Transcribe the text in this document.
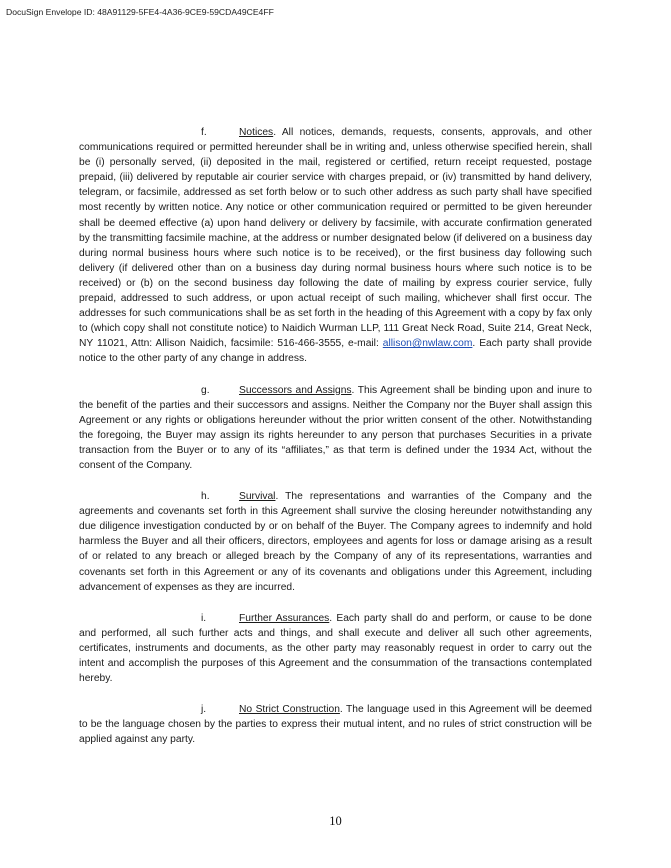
DocuSign Envelope ID: 48A91129-5FE4-4A36-9CE9-59CDA49CE4FF

f.	Notices. All notices, demands, requests, consents, approvals, and other communications required or permitted hereunder shall be in writing and, unless otherwise specified herein, shall be (i) personally served, (ii) deposited in the mail, registered or certified, return receipt requested, postage prepaid, (iii) delivered by reputable air courier service with charges prepaid, or (iv) transmitted by hand delivery, telegram, or facsimile, addressed as set forth below or to such other address as such party shall have specified most recently by written notice. Any notice or other communication required or permitted to be given hereunder shall be deemed effective (a) upon hand delivery or delivery by facsimile, with accurate confirmation generated by the transmitting facsimile machine, at the address or number designated below (if delivered on a business day during normal business hours where such notice is to be received), or the first business day following such delivery (if delivered other than on a business day during normal business hours where such notice is to be received) or (b) on the second business day following the date of mailing by express courier service, fully prepaid, addressed to such address, or upon actual receipt of such mailing, whichever shall first occur. The addresses for such communications shall be as set forth in the heading of this Agreement with a copy by fax only to (which copy shall not constitute notice) to Naidich Wurman LLP, 111 Great Neck Road, Suite 214, Great Neck, NY 11021, Attn: Allison Naidich, facsimile: 516-466-3555, e-mail: allison@nwlaw.com. Each party shall provide notice to the other party of any change in address.

g.	Successors and Assigns. This Agreement shall be binding upon and inure to the benefit of the parties and their successors and assigns. Neither the Company nor the Buyer shall assign this Agreement or any rights or obligations hereunder without the prior written consent of the other. Notwithstanding the foregoing, the Buyer may assign its rights hereunder to any person that purchases Securities in a private transaction from the Buyer or to any of its “affiliates,” as that term is defined under the 1934 Act, without the consent of the Company.

h.	Survival. The representations and warranties of the Company and the agreements and covenants set forth in this Agreement shall survive the closing hereunder notwithstanding any due diligence investigation conducted by or on behalf of the Buyer. The Company agrees to indemnify and hold harmless the Buyer and all their officers, directors, employees and agents for loss or damage arising as a result of or related to any breach or alleged breach by the Company of any of its representations, warranties and covenants set forth in this Agreement or any of its covenants and obligations under this Agreement, including advancement of expenses as they are incurred.

i.	Further Assurances. Each party shall do and perform, or cause to be done and performed, all such further acts and things, and shall execute and deliver all such other agreements, certificates, instruments and documents, as the other party may reasonably request in order to carry out the intent and accomplish the purposes of this Agreement and the consummation of the transactions contemplated hereby.

j.	No Strict Construction. The language used in this Agreement will be deemed to be the language chosen by the parties to express their mutual intent, and no rules of strict construction will be applied against any party.

10
